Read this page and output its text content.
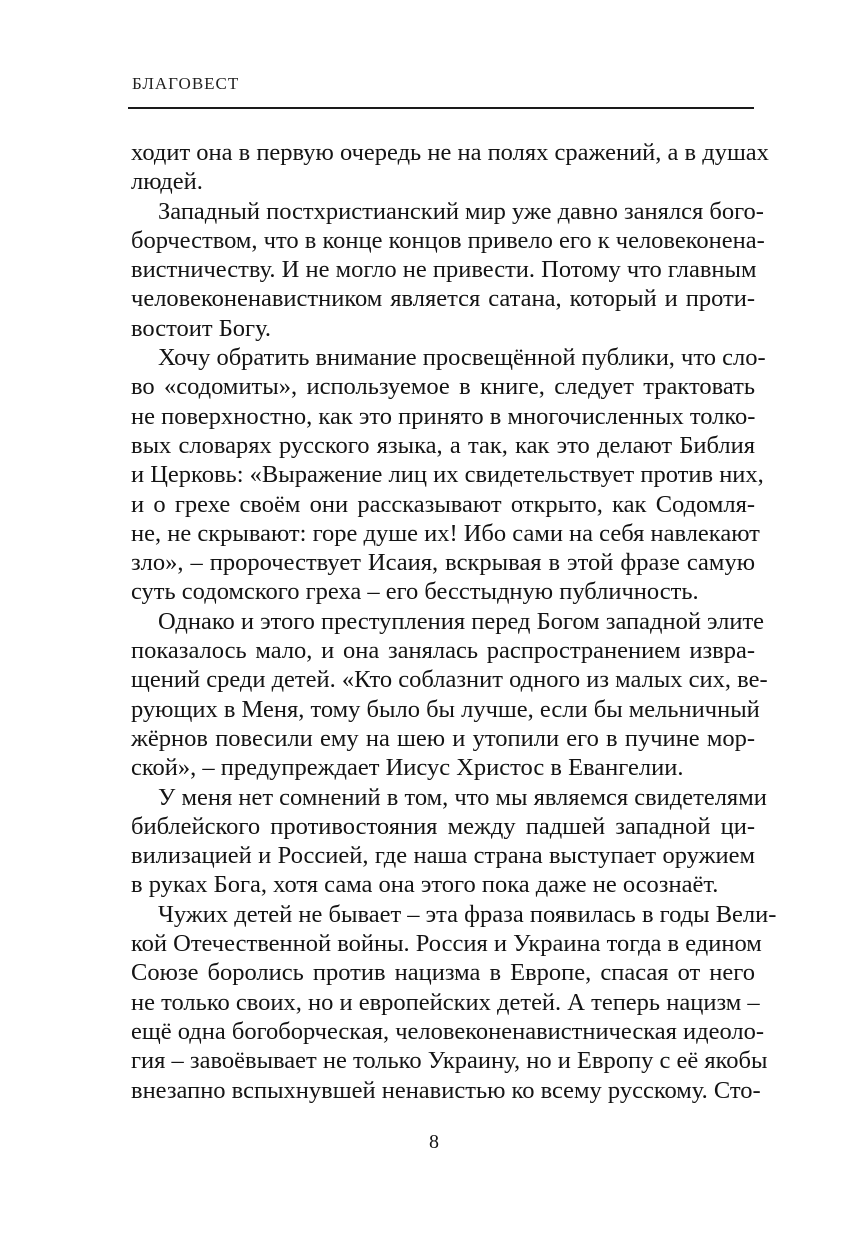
БЛАГОВЕСТ
ходит она в первую очередь не на полях сражений, а в душах
людей.
Западный постхристианский мир уже давно занялся бого-
борчеством, что в конце концов привело его к человеконена-
вистничеству. И не могло не привести. Потому что главным
человеконенавистником является сатана, который и проти-
востоит Богу.
Хочу обратить внимание просвещённой публики, что сло-
во «содомиты», используемое в книге, следует трактовать
не поверхностно, как это принято в многочисленных толко-
вых словарях русского языка, а так, как это делают Библия
и Церковь: «Выражение лиц их свидетельствует против них,
и о грехе своём они рассказывают открыто, как Содомля-
не, не скрывают: горе душе их! Ибо сами на себя навлекают
зло», – пророчествует Исаия, вскрывая в этой фразе самую
суть содомского греха – его бесстыдную публичность.
Однако и этого преступления перед Богом западной элите
показалось мало, и она занялась распространением извра-
щений среди детей. «Кто соблазнит одного из малых сих, ве-
рующих в Меня, тому было бы лучше, если бы мельничный
жёрнов повесили ему на шею и утопили его в пучине мор-
ской», – предупреждает Иисус Христос в Евангелии.
У меня нет сомнений в том, что мы являемся свидетелями
библейского противостояния между падшей западной ци-
вилизацией и Россией, где наша страна выступает оружием
в руках Бога, хотя сама она этого пока даже не осознаёт.
Чужих детей не бывает – эта фраза появилась в годы Вели-
кой Отечественной войны. Россия и Украина тогда в едином
Союзе боролись против нацизма в Европе, спасая от него
не только своих, но и европейских детей. А теперь нацизм –
ещё одна богоборческая, человеконенавистническая идеоло-
гия – завоёвывает не только Украину, но и Европу с её якобы
внезапно вспыхнувшей ненавистью ко всему русскому. Сто-
8
